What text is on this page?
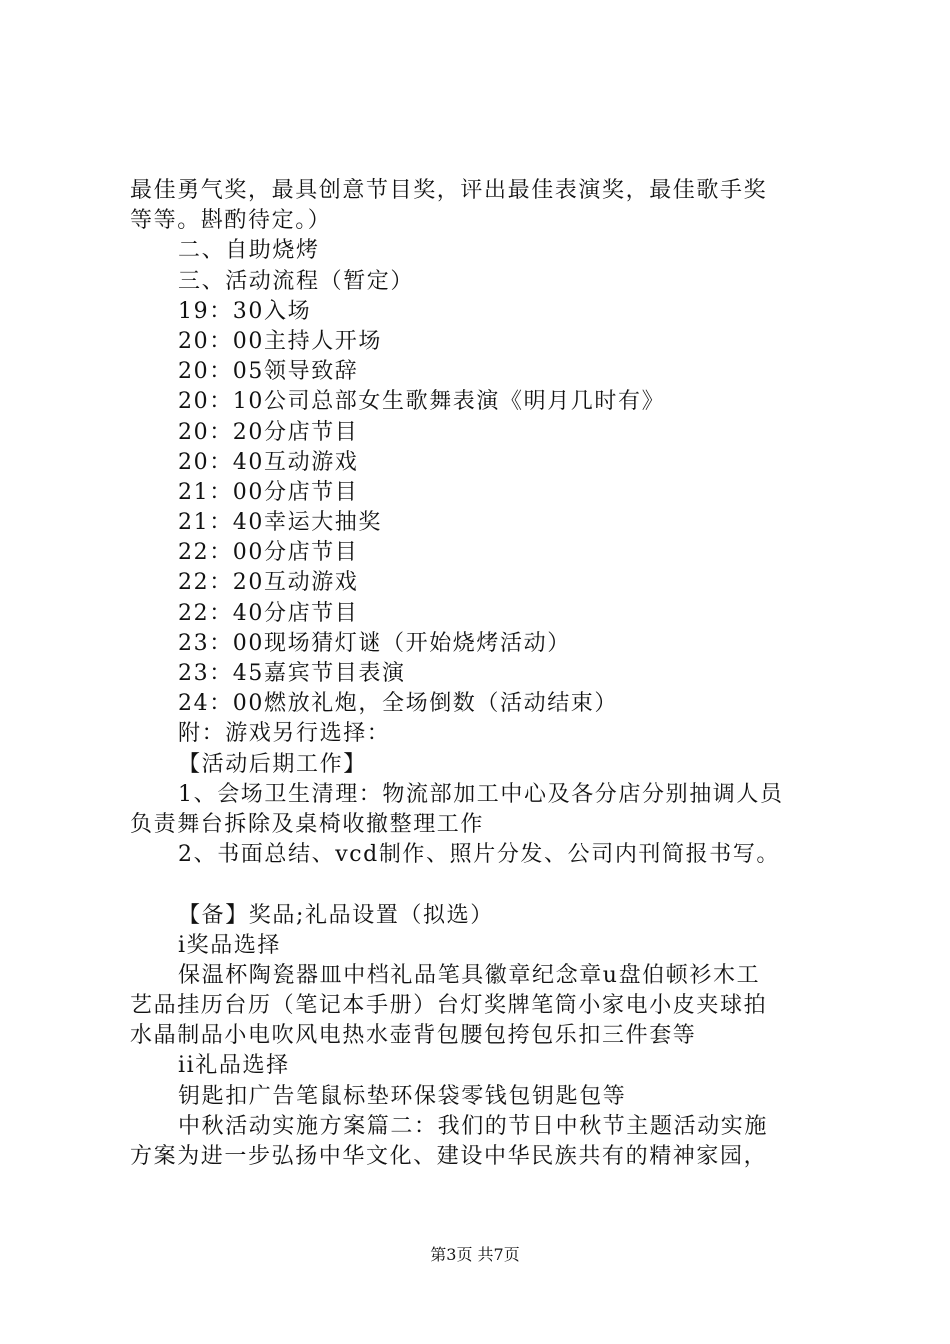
最佳勇气奖，最具创意节目奖，评出最佳表演奖，最佳歌手奖
等等。斟酌待定。）
二、自助烧烤
三、活动流程（暂定）
19：30入场
20：00主持人开场
20：05领导致辞
20：10公司总部女生歌舞表演《明月几时有》
20：20分店节目
20：40互动游戏
21：00分店节目
21：40幸运大抽奖
22：00分店节目
22：20互动游戏
22：40分店节目
23：00现场猜灯谜（开始烧烤活动）
23：45嘉宾节目表演
24：00燃放礼炮，全场倒数（活动结束）
附：游戏另行选择：
【活动后期工作】
1、会场卫生清理：物流部加工中心及各分店分别抽调人员
负责舞台拆除及桌椅收撤整理工作
2、书面总结、vcd制作、照片分发、公司内刊简报书写。
【备】奖品;礼品设置（拟选）
i奖品选择
保温杯陶瓷器皿中档礼品笔具徽章纪念章u盘伯顿衫木工
艺品挂历台历（笔记本手册）台灯奖牌笔筒小家电小皮夹球拍
水晶制品小电吹风电热水壶背包腰包挎包乐扣三件套等
ii礼品选择
钥匙扣广告笔鼠标垫环保袋零钱包钥匙包等
中秋活动实施方案篇二：我们的节日中秋节主题活动实施
方案为进一步弘扬中华文化、建设中华民族共有的精神家园，
第3页 共7页
